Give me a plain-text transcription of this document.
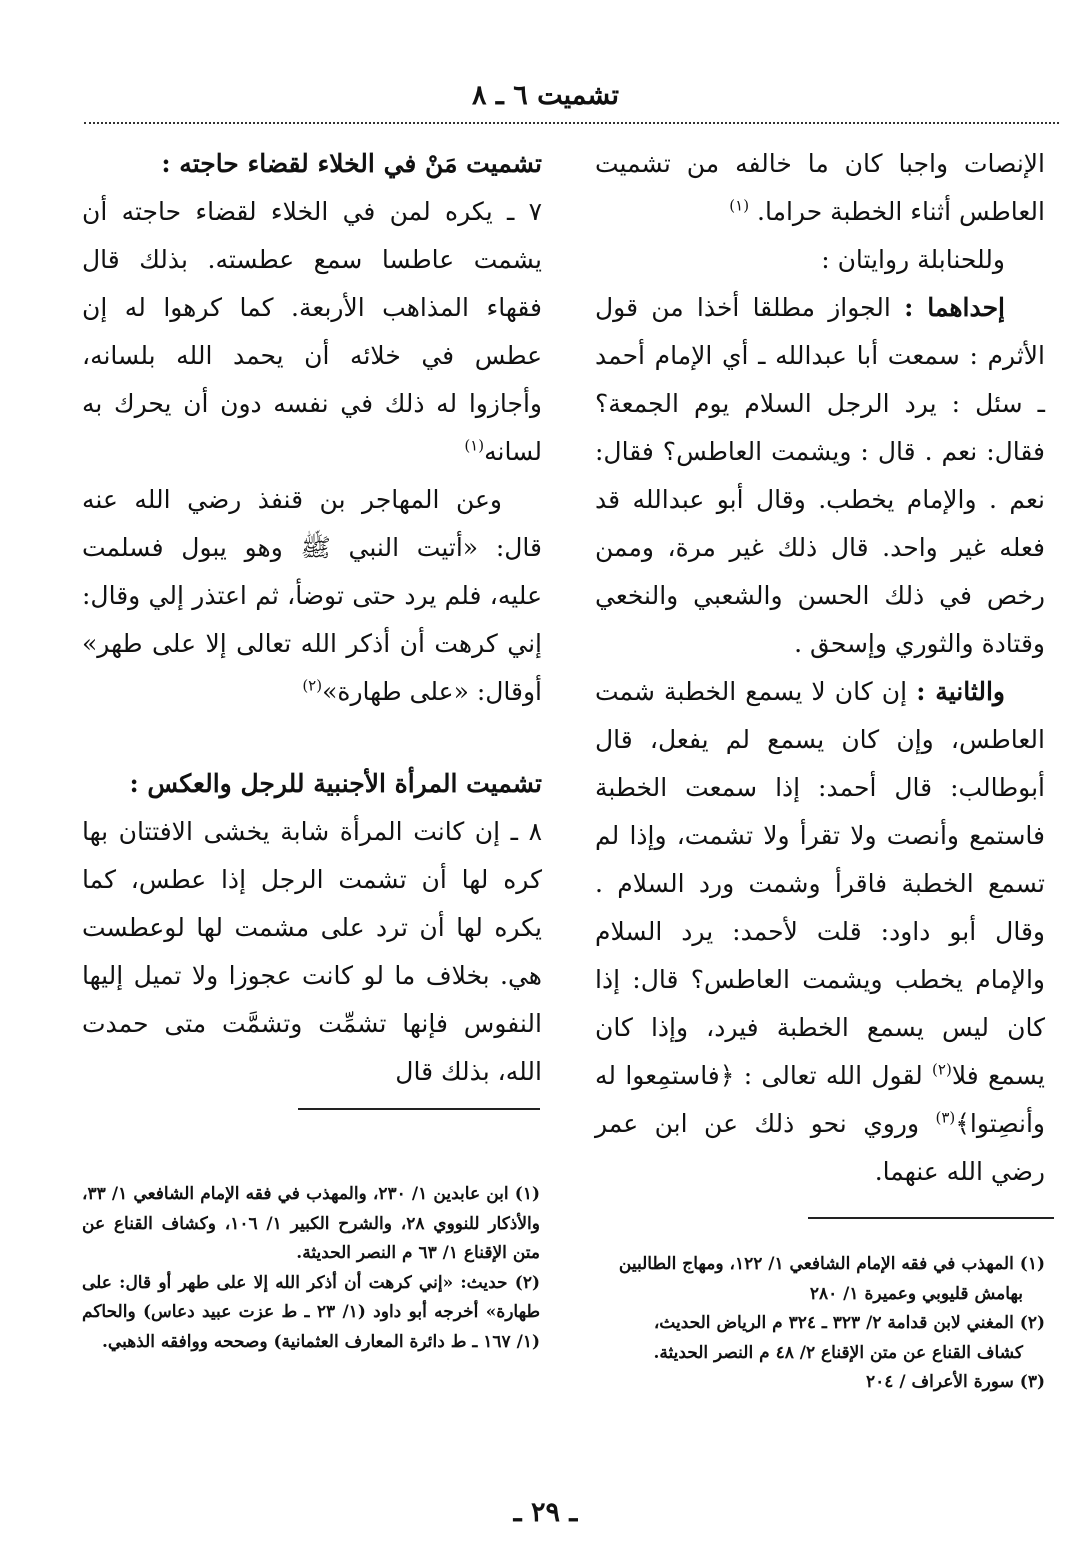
تشميت ٦ ـ ٨

الإنصات واجبا كان ما خالفه من تشميت العاطس أثناء الخطبة حراما. $^{(١)}$

وللحنابلة روايتان :

إحداهما : الجواز مطلقا أخذا من قول الأثرم : سمعت أبا عبدالله ـ أي الإمام أحمد ـ سئل : يرد الرجل السلام يوم الجمعة؟ فقال: نعم . قال : ويشمت العاطس؟ فقال: نعم . والإمام يخطب. وقال أبو عبدالله قد فعله غير واحد. قال ذلك غير مرة، وممن رخص في ذلك الحسن والشعبي والنخعي وقتادة والثوري وإسحق .

والثانية : إن كان لا يسمع الخطبة شمت العاطس، وإن كان يسمع لم يفعل، قال أبوطالب: قال أحمد: إذا سمعت الخطبة فاستمع وأنصت ولا تقرأ ولا تشمت، وإذا لم تسمع الخطبة فاقرأ وشمت ورد السلام . وقال أبو داود: قلت لأحمد: يرد السلام والإمام يخطب ويشمت العاطس؟ قال: إذا كان ليس يسمع الخطبة فيرد، وإذا كان يسمع فلا$^{(٢)}$ لقول الله تعالى : ﴿فاستمِعوا له وأنصِتوا﴾$^{(٣)}$ وروي نحو ذلك عن ابن عمر رضي الله عنهما.

تشميت مَنْ في الخلاء لقضاء حاجته :

٧ ـ يكره لمن في الخلاء لقضاء حاجته أن يشمت عاطسا سمع عطسته. بذلك قال فقهاء المذاهب الأربعة. كما كرهوا له إن عطس في خلائه أن يحمد الله بلسانه، وأجازوا له ذلك في نفسه دون أن يحرك به لسانه$^{(١)}$

وعن المهاجر بن قنفذ رضي الله عنه قال: «أتيت النبي ﷺ وهو يبول فسلمت عليه، فلم يرد حتى توضأ، ثم اعتذر إلي وقال: إني كرهت أن أذكر الله تعالى إلا على طهر» أوقال: «على طهارة»$^{(٢)}$

تشميت المرأة الأجنبية للرجل والعكس :

٨ ـ إن كانت المرأة شابة يخشى الافتتان بها كره لها أن تشمت الرجل إذا عطس، كما يكره لها أن ترد على مشمت لها لوعطست هي. بخلاف ما لو كانت عجوزا ولا تميل إليها النفوس فإنها تشمِّت وتشمَّت متى حمدت الله، بذلك قال

(١) ابن عابدين ١/ ٢٣٠، والمهذب في فقه الإمام الشافعي ١/ ٣٣، والأذكار للنووي ٢٨، والشرح الكبير ١/ ١٠٦، وكشاف القناع عن متن الإقناع ١/ ٦٣ م النصر الحديثة.

(٢) حديث: «إني كرهت أن أذكر الله إلا على طهر أو قال: على طهارة» أخرجه أبو داود (١/ ٢٣ ـ ط عزت عبيد دعاس) والحاكم (١/ ١٦٧ ـ ط دائرة المعارف العثمانية) وصححه ووافقه الذهبي.

(١) المهذب في فقه الإمام الشافعي ١/ ١٢٢، ومهاج الطالبين

بهامش قليوبي وعميرة ١/ ٢٨٠

(٢) المغني لابن قدامة ٢/ ٣٢٣ ـ ٣٢٤ م الرياض الحديث،

كشاف القناع عن متن الإقناع ٢/ ٤٨ م النصر الحديثة.

(٣) سورة الأعراف / ٢٠٤

ـ ٢٩ ـ
